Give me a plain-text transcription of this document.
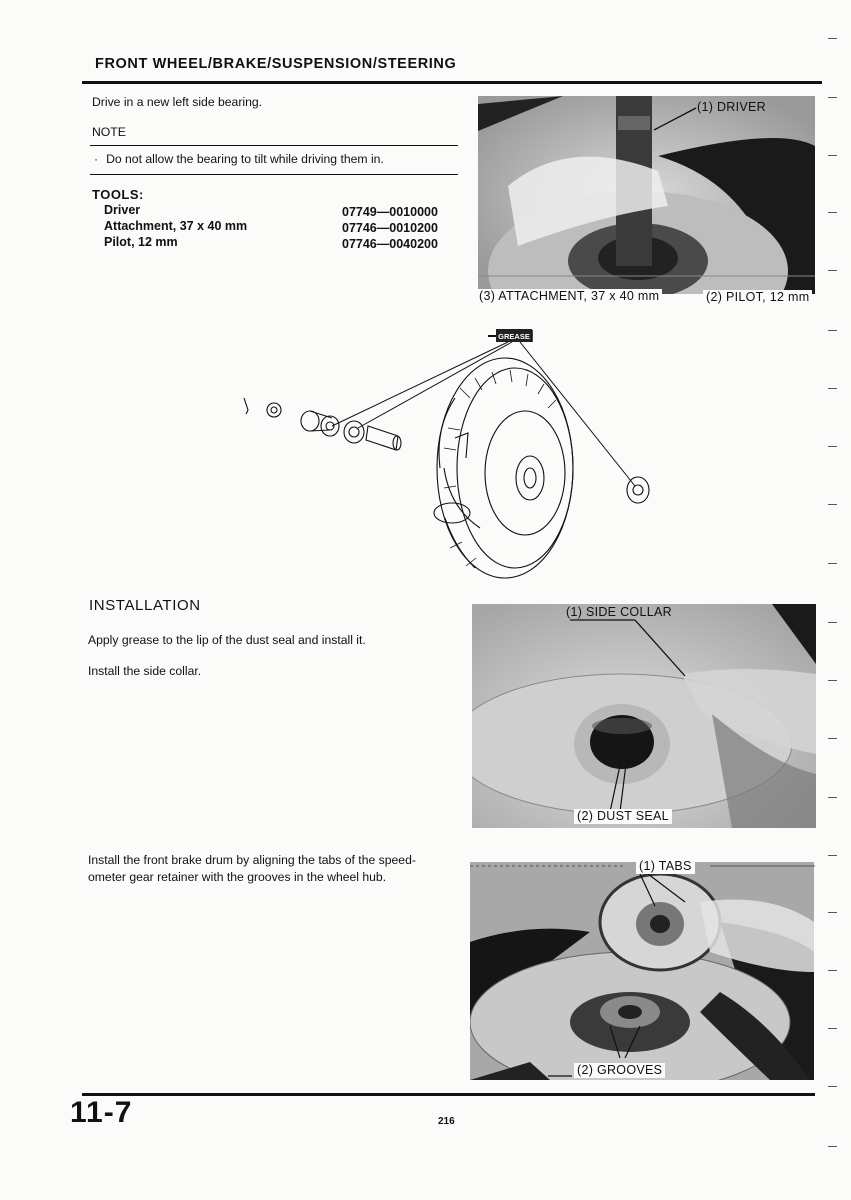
FRONT WHEEL/BRAKE/SUSPENSION/STEERING
Drive in a new left side bearing.
NOTE
· Do not allow the bearing to tilt while driving them in.
TOOLS:
Driver	07749—0010000
Attachment, 37 x 40 mm	07746—0010200
Pilot, 12 mm	07746—0040200
(1) DRIVER
(3) ATTACHMENT, 37 x 40 mm	(2) PILOT, 12 mm
GREASE
INSTALLATION
Apply grease to the lip of the dust seal and install it.
Install the side collar.
(1) SIDE COLLAR
(2) DUST SEAL
Install the front brake drum by aligning the tabs of the speed-
ometer gear retainer with the grooves in the wheel hub.
(1) TABS
(2) GROOVES
11-7	216
